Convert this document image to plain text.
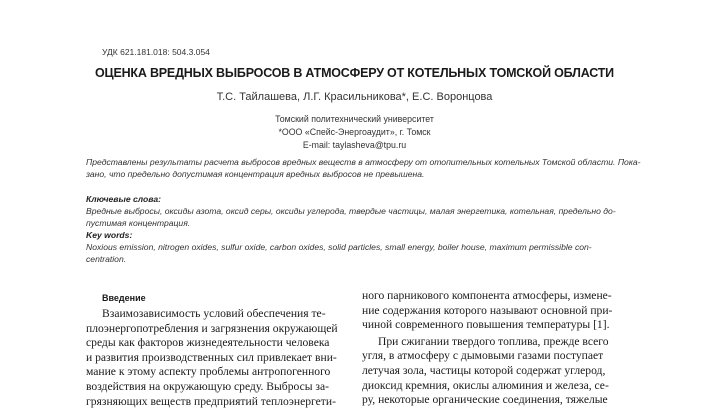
УДК 621.181.018: 504.3.054
ОЦЕНКА ВРЕДНЫХ ВЫБРОСОВ В АТМОСФЕРУ ОТ КОТЕЛЬНЫХ ТОМСКОЙ ОБЛАСТИ
Т.С. Тайлашева, Л.Г. Красильникова*, Е.С. Воронцова
Томский политехнический университет
*ООО «Спейс-Энергоаудит», г. Томск
E-mail: taylasheva@tpu.ru
Представлены результаты расчета выбросов вредных веществ в атмосферу от отопительных котельных Томской области. Пока-
зано, что предельно допустимая концентрация вредных выбросов не превышена.
Ключевые слова:
Вредные выбросы, оксиды азота, оксид серы, оксиды углерода, твердые частицы, малая энергетика, котельная, предельно до-
пустимая концентрация.
Key words:
Noxious emission, nitrogen oxides, sulfur oxide, carbon oxides, solid particles, small energy, boiler house, maximum permissible con-
centration.
Введение
Взаимозависимость условий обеспечения те-
плоэнергопотребления и загрязнения окружающей
среды как факторов жизнедеятельности человека
и развития производственных сил привлекает вни-
мание к этому аспекту проблемы антропогенного
воздействия на окружающую среду. Выбросы за-
грязняющих веществ предприятий теплоэнергети-
ного парникового компонента атмосферы, измене-
ние содержания которого называют основной при-
чиной современного повышения температуры [1].
При сжигании твердого топлива, прежде всего
угля, в атмосферу с дымовыми газами поступает
летучая зола, частицы которой содержат углерод,
диоксид кремния, окислы алюминия и железа, се-
ру, некоторые органические соединения, тяжелые
